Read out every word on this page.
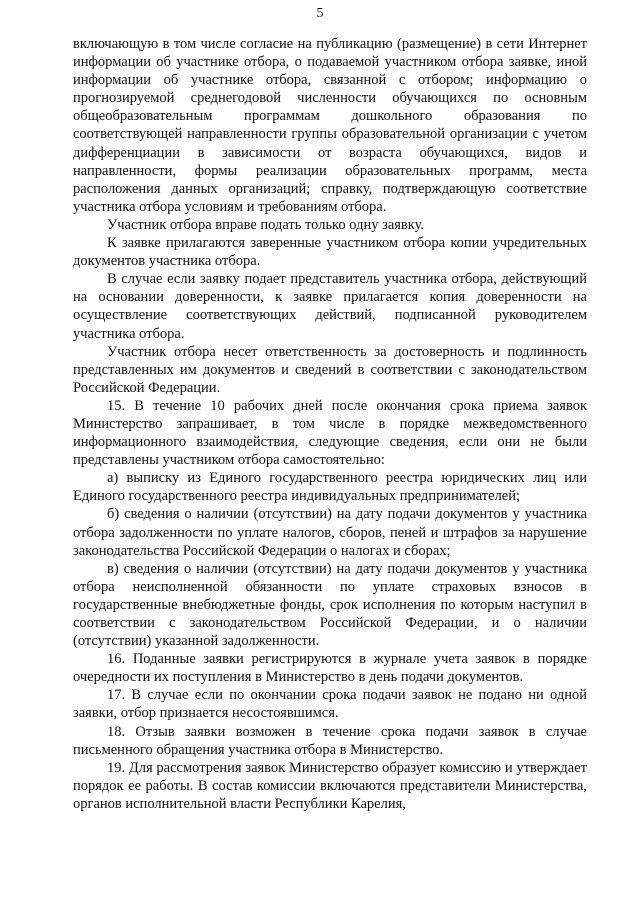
5

включающую в том числе согласие на публикацию (размещение) в сети Интернет информации об участнике отбора, о подаваемой участником отбора заявке, иной информации об участнике отбора, связанной с отбором; информацию о прогнозируемой среднегодовой численности обучающихся по основным общеобразовательным программам дошкольного образования по соответствующей направленности группы образовательной организации с учетом дифференциации в зависимости от возраста обучающихся, видов и направленности, формы реализации образовательных программ, места расположения данных организаций; справку, подтверждающую соответствие участника отбора условиям и требованиям отбора.

Участник отбора вправе подать только одну заявку.

К заявке прилагаются заверенные участником отбора копии учредительных документов участника отбора.

В случае если заявку подает представитель участника отбора, действующий на основании доверенности, к заявке прилагается копия доверенности на осуществление соответствующих действий, подписанной руководителем участника отбора.

Участник отбора несет ответственность за достоверность и подлинность представленных им документов и сведений в соответствии с законодательством Российской Федерации.

15. В течение 10 рабочих дней после окончания срока приема заявок Министерство запрашивает, в том числе в порядке межведомственного информационного взаимодействия, следующие сведения, если они не были представлены участником отбора самостоятельно:

а) выписку из Единого государственного реестра юридических лиц или Единого государственного реестра индивидуальных предпринимателей;

б) сведения о наличии (отсутствии) на дату подачи документов у участника отбора задолженности по уплате налогов, сборов, пеней и штрафов за нарушение законодательства Российской Федерации о налогах и сборах;

в) сведения о наличии (отсутствии) на дату подачи документов у участника отбора неисполненной обязанности по уплате страховых взносов в государственные внебюджетные фонды, срок исполнения по которым наступил в соответствии с законодательством Российской Федерации, и о наличии (отсутствии) указанной задолженности.

16. Поданные заявки регистрируются в журнале учета заявок в порядке очередности их поступления в Министерство в день подачи документов.

17. В случае если по окончании срока подачи заявок не подано ни одной заявки, отбор признается несостоявшимся.

18. Отзыв заявки возможен в течение срока подачи заявок в случае письменного обращения участника отбора в Министерство.

19. Для рассмотрения заявок Министерство образует комиссию и утверждает порядок ее работы. В состав комиссии включаются представители Министерства, органов исполнительной власти Республики Карелия,
